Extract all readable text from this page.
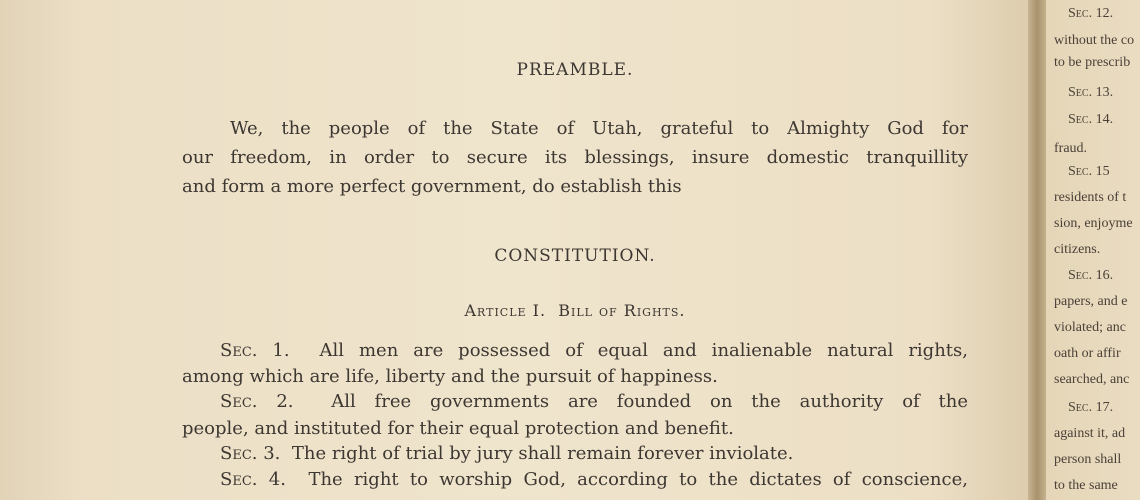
PREAMBLE.
We, the people of the State of Utah, grateful to Almighty God for
our freedom, in order to secure its blessings, insure domestic tranquillity
and form a more perfect government, do establish this
CONSTITUTION.
Article I. Bill of Rights.
Sec. 1. All men are possessed of equal and inalienable natural rights,
among which are life, liberty and the pursuit of happiness.
Sec. 2. All free governments are founded on the authority of the
people, and instituted for their equal protection and benefit.
Sec. 3. The right of trial by jury shall remain forever inviolate.
Sec. 4. The right to worship God, according to the dictates of conscience,
Sec. 12.
without the co
to be prescrib
Sec. 13.
Sec. 14.
fraud.
Sec. 15
residents of t
sion, enjoyme
citizens.
Sec. 16.
papers, and e
violated; anc
oath or affir
searched, anc
Sec. 17.
against it, ad
person shall
to the same
